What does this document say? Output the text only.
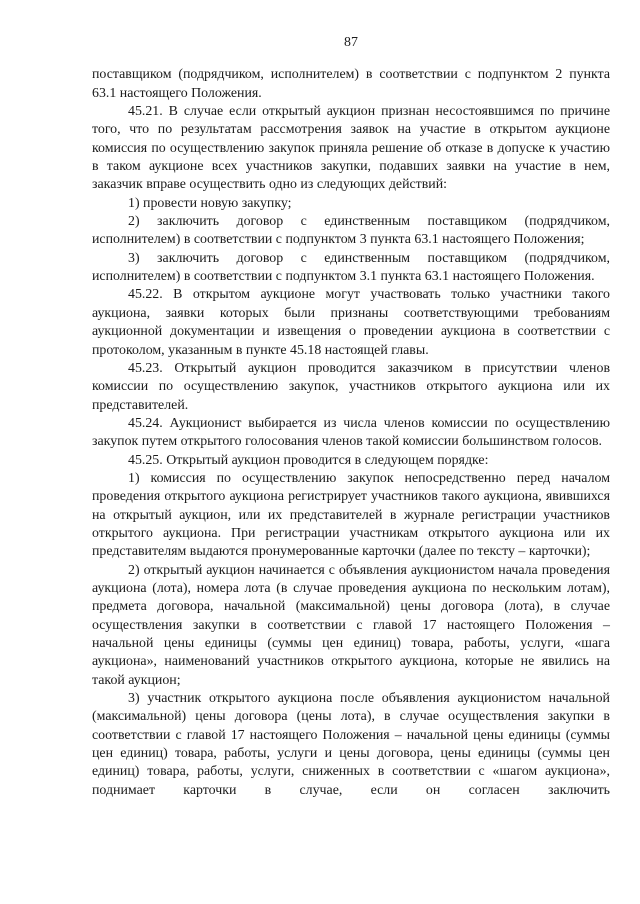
87

поставщиком (подрядчиком, исполнителем) в соответствии с подпунктом 2 пункта 63.1 настоящего Положения.

45.21. В случае если открытый аукцион признан несостоявшимся по причине того, что по результатам рассмотрения заявок на участие в открытом аукционе комиссия по осуществлению закупок приняла решение об отказе в допуске к участию в таком аукционе всех участников закупки, подавших заявки на участие в нем, заказчик вправе осуществить одно из следующих действий:

1) провести новую закупку;

2) заключить договор с единственным поставщиком (подрядчиком, исполнителем) в соответствии с подпунктом 3 пункта 63.1 настоящего Положения;

3) заключить договор с единственным поставщиком (подрядчиком, исполнителем) в соответствии с подпунктом 3.1 пункта 63.1 настоящего Положения.

45.22. В открытом аукционе могут участвовать только участники такого аукциона, заявки которых были признаны соответствующими требованиям аукционной документации и извещения о проведении аукциона в соответствии с протоколом, указанным в пункте 45.18 настоящей главы.

45.23. Открытый аукцион проводится заказчиком в присутствии членов комиссии по осуществлению закупок, участников открытого аукциона или их представителей.

45.24. Аукционист выбирается из числа членов комиссии по осуществлению закупок путем открытого голосования членов такой комиссии большинством голосов.

45.25. Открытый аукцион проводится в следующем порядке:

1) комиссия по осуществлению закупок непосредственно перед началом проведения открытого аукциона регистрирует участников такого аукциона, явившихся на открытый аукцион, или их представителей в журнале регистрации участников открытого аукциона. При регистрации участникам открытого аукциона или их представителям выдаются пронумерованные карточки (далее по тексту – карточки);

2) открытый аукцион начинается с объявления аукционистом начала проведения аукциона (лота), номера лота (в случае проведения аукциона по нескольким лотам), предмета договора, начальной (максимальной) цены договора (лота), в случае осуществления закупки в соответствии с главой 17 настоящего Положения – начальной цены единицы (суммы цен единиц) товара, работы, услуги, «шага аукциона», наименований участников открытого аукциона, которые не явились на такой аукцион;

3) участник открытого аукциона после объявления аукционистом начальной (максимальной) цены договора (цены лота), в случае осуществления закупки в соответствии с главой 17 настоящего Положения – начальной цены единицы (суммы цен единиц) товара, работы, услуги и цены договора, цены единицы (суммы цен единиц) товара, работы, услуги, сниженных в соответствии с «шагом аукциона», поднимает карточки в случае, если он согласен заключить
